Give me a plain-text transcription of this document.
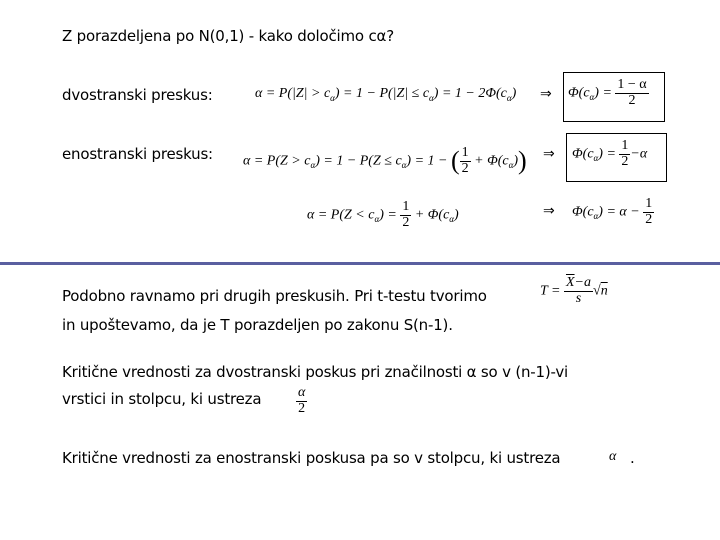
Z porazdeljena po N(0,1) - kako določimo cα?
dvostranski preskus:
enostranski preskus:
$\alpha = P(|Z| > c_\alpha) = 1 - P(|Z| \le c_\alpha) = 1 - 2\Phi(c_\alpha)$ ⇒ $\Phi(c_\alpha) = \frac{1 - \alpha}{2}$
$\alpha = P(Z > c_\alpha) = 1 - P(Z \le c_\alpha) = 1$ − ( $\frac{1}{2} + \Phi(c_\alpha)$) ⇒ $\Phi(c_\alpha) = \frac{1}{2} -\alpha$
$\alpha = P(Z < c_\alpha) = \frac{1}{2} + \Phi(c_\alpha)$	⇒ $\Phi(c_\alpha) = \alpha - \frac{1}{2}$
Podobno ravnamo pri drugih preskusih. Pri t-testu tvorimo	$T = \frac{\overline{X}-a}{s} √n$
in upoštevamo, da je T porazdeljen po zakonu S(n-1).
Kritične vrednosti za dvostranski poskus pri značilnosti α so v (n-1)-vi
vrstici in stolpcu, ki ustreza $\frac{\alpha}{2}$
Kritične vrednosti za enostranski poskusa pa so v stolpcu, ki ustreza	α .
